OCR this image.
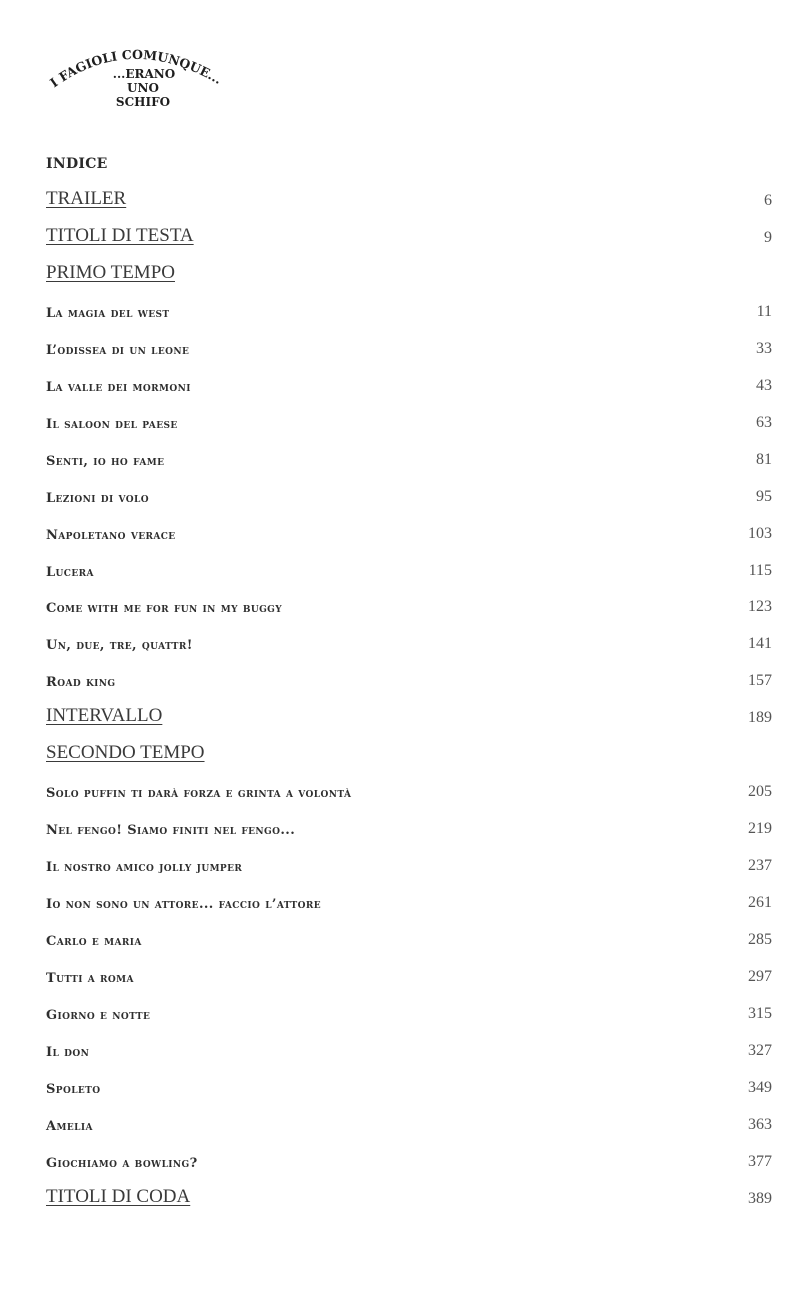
I FAGIOLI COMUNQUE...
...ERANO
UNO
SCHIFO
INDICE
TRAILER	6
TITOLI DI TESTA	9
PRIMO TEMPO
La magia del west	11
L’odissea di un leone	33
La valle dei mormoni	43
Il saloon del paese	63
Senti, io ho fame	81
Lezioni di volo	95
Napoletano verace	103
Lucera	115
Come with me for fun in my buggy	123
Un, due, tre, quattr!	141
Road king	157
INTERVALLO	189
SECONDO TEMPO
Solo puffin ti darà forza e grinta a volontà	205
Nel fengo! Siamo finiti nel fengo...	219
Il nostro amico jolly jumper	237
Io non sono un attore... faccio l’attore	261
Carlo e maria	285
Tutti a roma	297
Giorno e notte	315
Il don	327
Spoleto	349
Amelia	363
Giochiamo a bowling?	377
TITOLI DI CODA	389
